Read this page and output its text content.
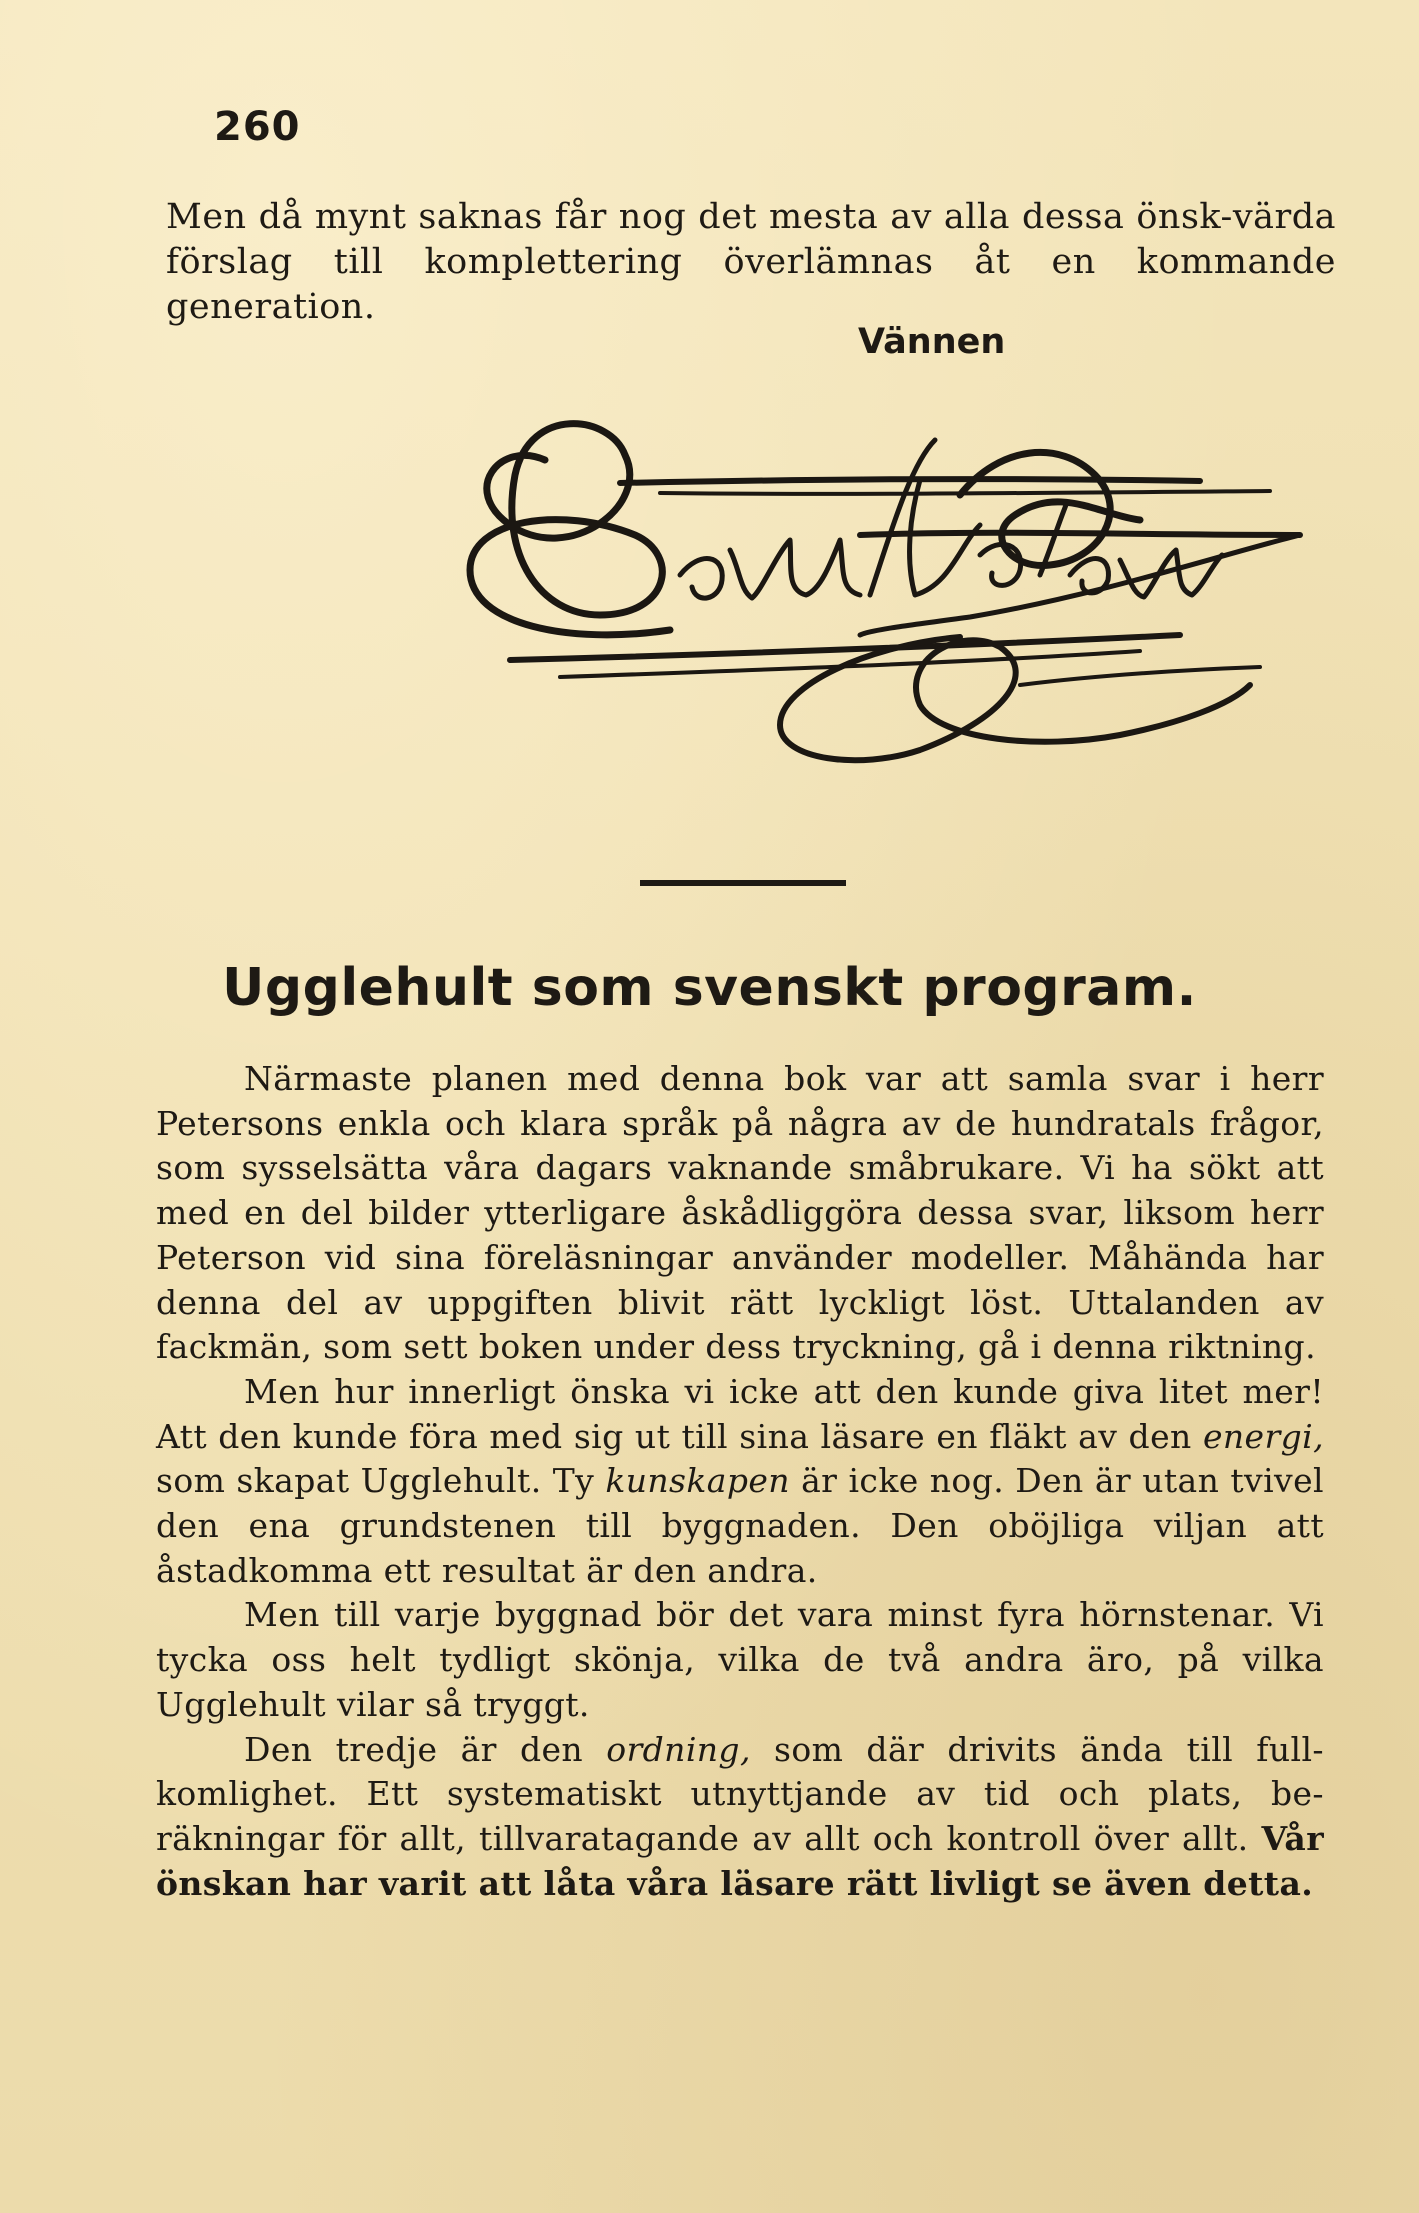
260
Men då mynt saknas får nog det mesta av alla dessa önsk-värda förslag till komplettering överlämnas åt en kommande generation.
Vännen
Ugglehult som svenskt program.

Närmaste planen med denna bok var att samla svar i herr Petersons enkla och klara språk på några av de hundratals frågor, som sysselsätta våra dagars vaknande småbrukare. Vi ha sökt att med en del bilder ytterligare åskådliggöra dessa svar, liksom herr Peterson vid sina föreläsningar använder modeller. Måhända har denna del av uppgiften blivit rätt lyckligt löst. Uttalanden av fackmän, som sett boken under dess tryckning, gå i denna riktning.

Men hur innerligt önska vi icke att den kunde giva litet mer! Att den kunde föra med sig ut till sina läsare en fläkt av den energi, som skapat Ugglehult. Ty kunskapen är icke nog. Den är utan tvivel den ena grundstenen till byggnaden. Den oböjliga viljan att åstadkomma ett resultat är den andra.

Men till varje byggnad bör det vara minst fyra hörnstenar. Vi tycka oss helt tydligt skönja, vilka de två andra äro, på vilka Ugglehult vilar så tryggt.

Den tredje är den ordning, som där drivits ända till full-komlighet. Ett systematiskt utnyttjande av tid och plats, be-räkningar för allt, tillvaratagande av allt och kontroll över allt. Vår önskan har varit att låta våra läsare rätt livligt se även detta.
